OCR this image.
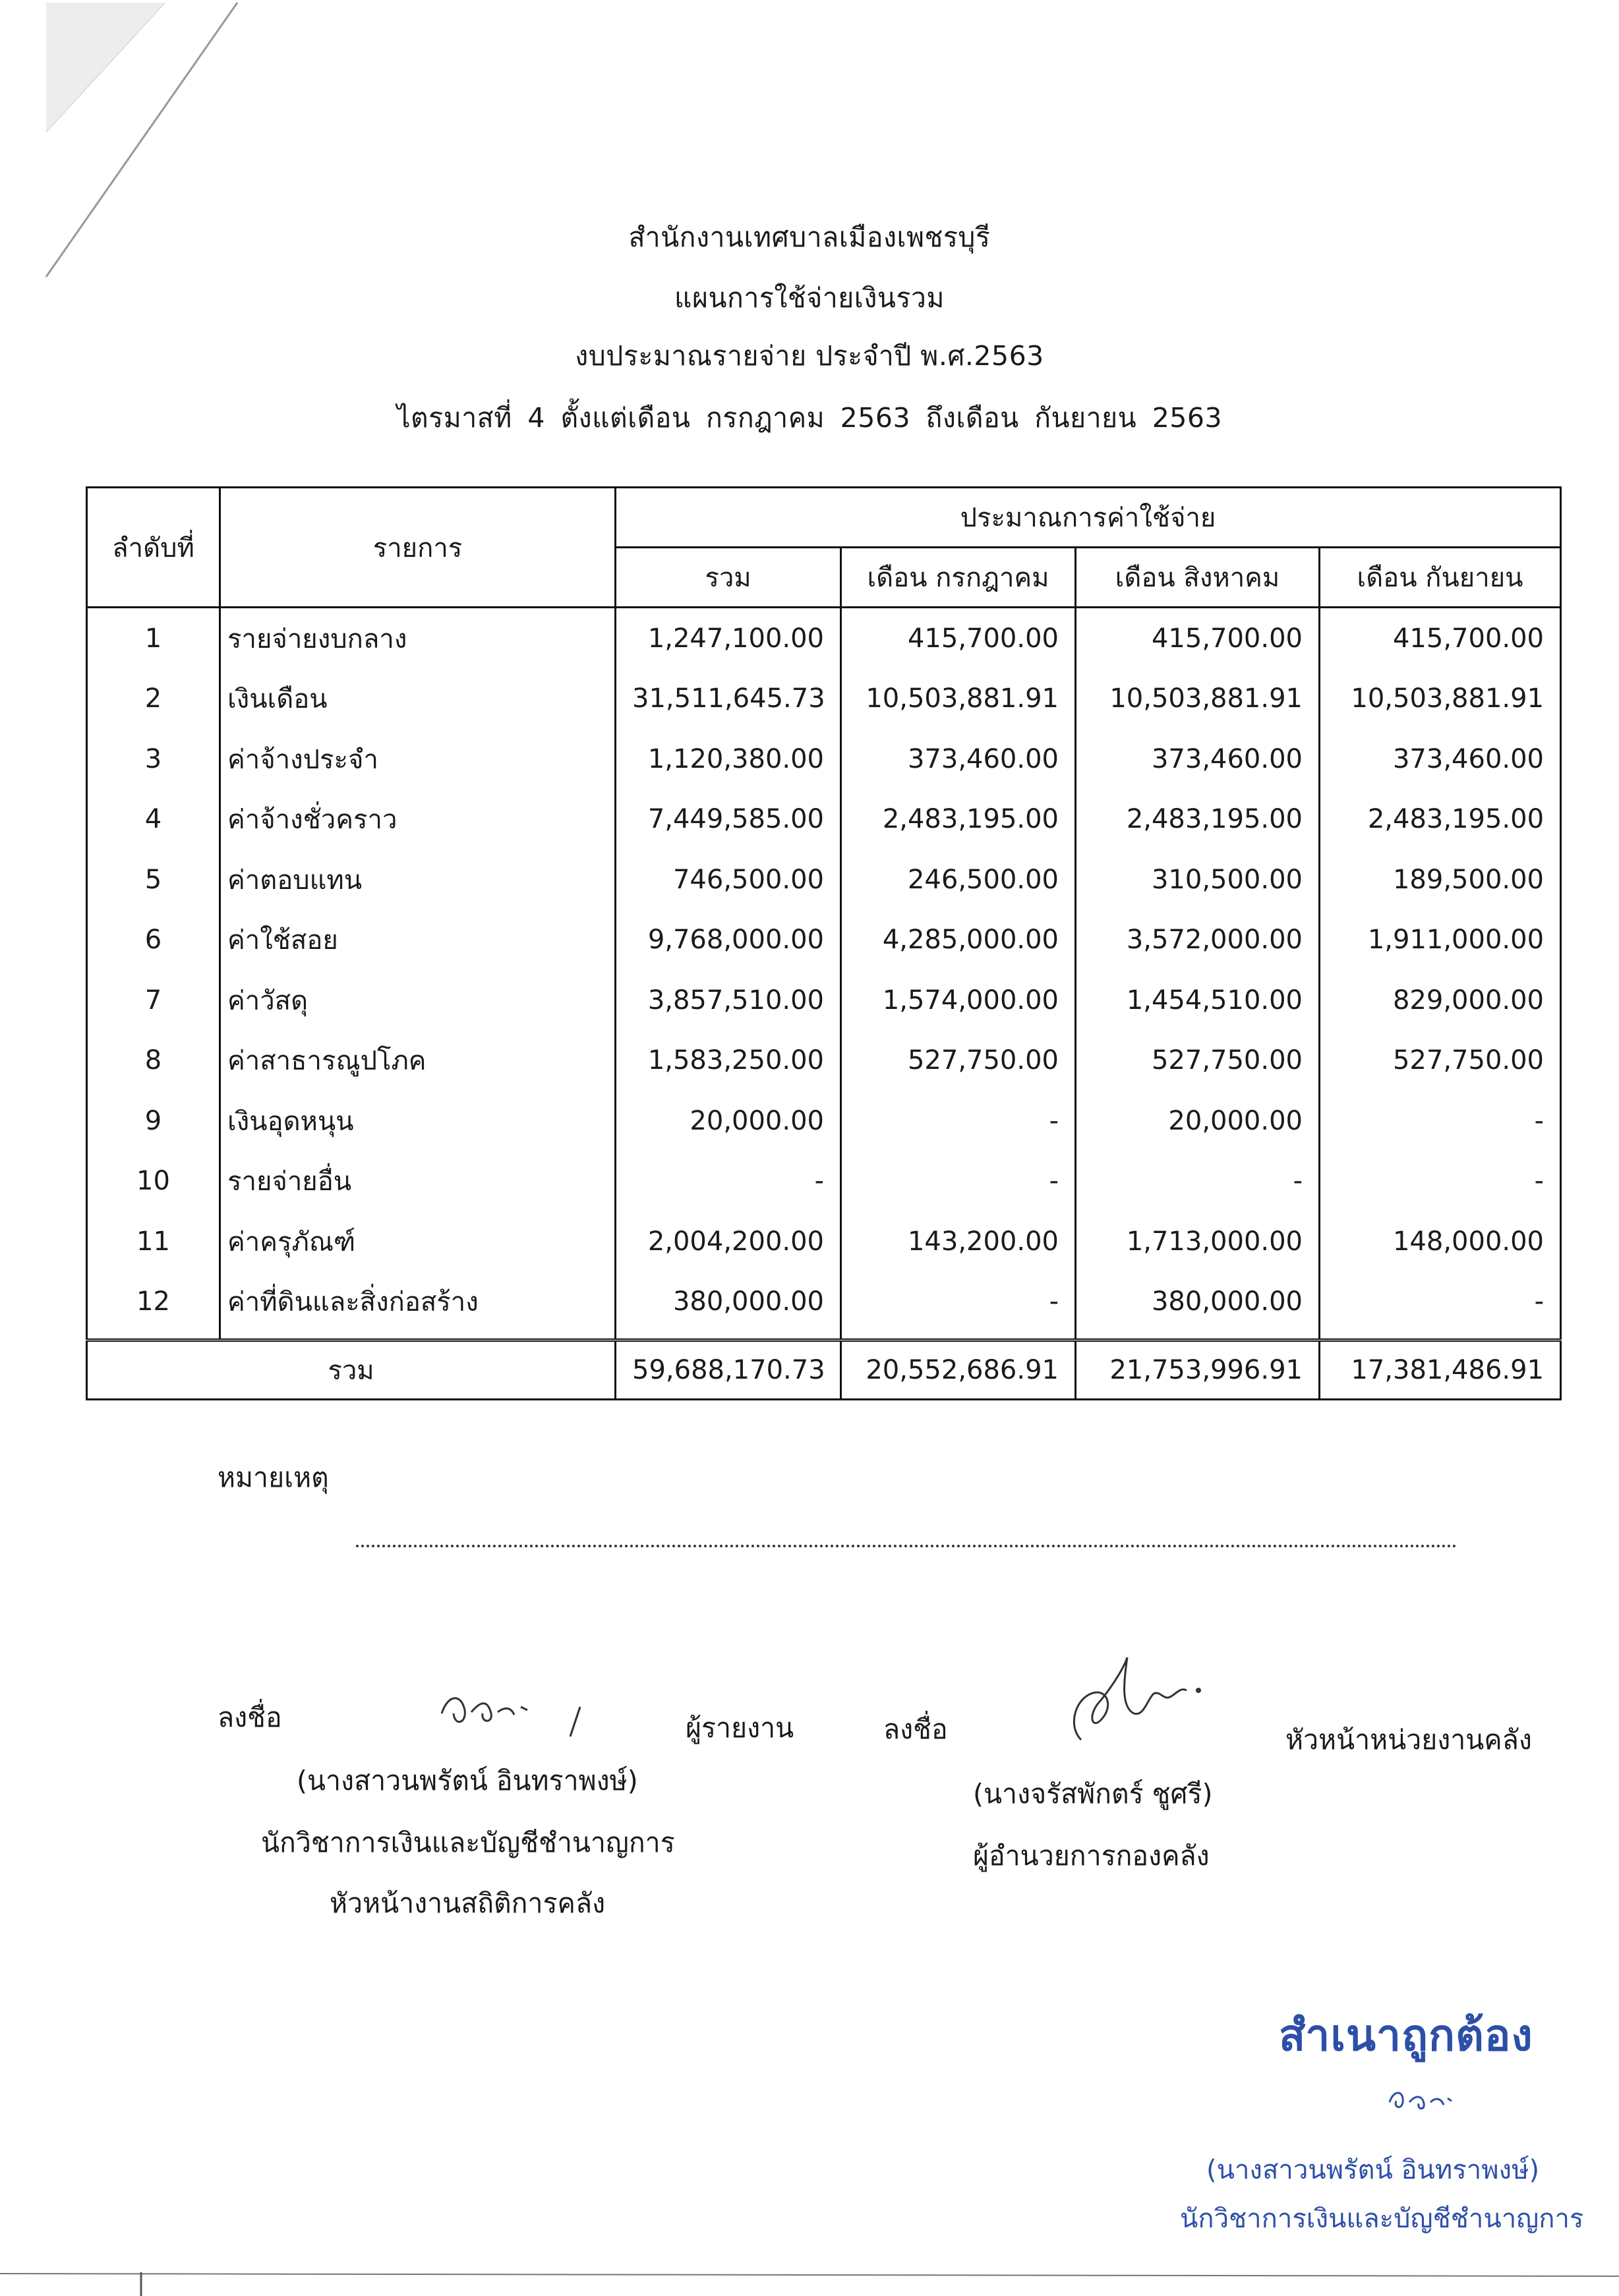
สำนักงานเทศบาลเมืองเพชรบุรี
แผนการใช้จ่ายเงินรวม
งบประมาณรายจ่าย ประจำปี พ.ศ.2563
ไตรมาสที่ 4 ตั้งแต่เดือน กรกฎาคม 2563 ถึงเดือน กันยายน 2563
ลำดับที่	รายการ	ประมาณการค่าใช้จ่าย			
		รวม	เดือน กรกฎาคม	เดือน สิงหาคม	เดือน กันยายน
1	รายจ่ายงบกลาง	1,247,100.00	415,700.00	415,700.00	415,700.00
2	เงินเดือน	31,511,645.73	10,503,881.91	10,503,881.91	10,503,881.91
3	ค่าจ้างประจำ	1,120,380.00	373,460.00	373,460.00	373,460.00
4	ค่าจ้างชั่วคราว	7,449,585.00	2,483,195.00	2,483,195.00	2,483,195.00
5	ค่าตอบแทน	746,500.00	246,500.00	310,500.00	189,500.00
6	ค่าใช้สอย	9,768,000.00	4,285,000.00	3,572,000.00	1,911,000.00
7	ค่าวัสดุ	3,857,510.00	1,574,000.00	1,454,510.00	829,000.00
8	ค่าสาธารณูปโภค	1,583,250.00	527,750.00	527,750.00	527,750.00
9	เงินอุดหนุน	20,000.00	-	20,000.00	-
10	รายจ่ายอื่น	-	-	-	-
11	ค่าครุภัณฑ์	2,004,200.00	143,200.00	1,713,000.00	148,000.00
12	ค่าที่ดินและสิ่งก่อสร้าง	380,000.00	-	380,000.00	-
รวม		59,688,170.73	20,552,686.91	21,753,996.91	17,381,486.91
หมายเหตุ
ลงชื่อ	ผู้รายงาน
(นางสาวนพรัตน์ อินทราพงษ์)
นักวิชาการเงินและบัญชีชำนาญการ
หัวหน้างานสถิติการคลัง
ลงชื่อ	หัวหน้าหน่วยงานคลัง
(นางจรัสพักตร์ ชูศรี)
ผู้อำนวยการกองคลัง
สำเนาถูกต้อง
(นางสาวนพรัตน์ อินทราพงษ์)
นักวิชาการเงินและบัญชีชำนาญการ
